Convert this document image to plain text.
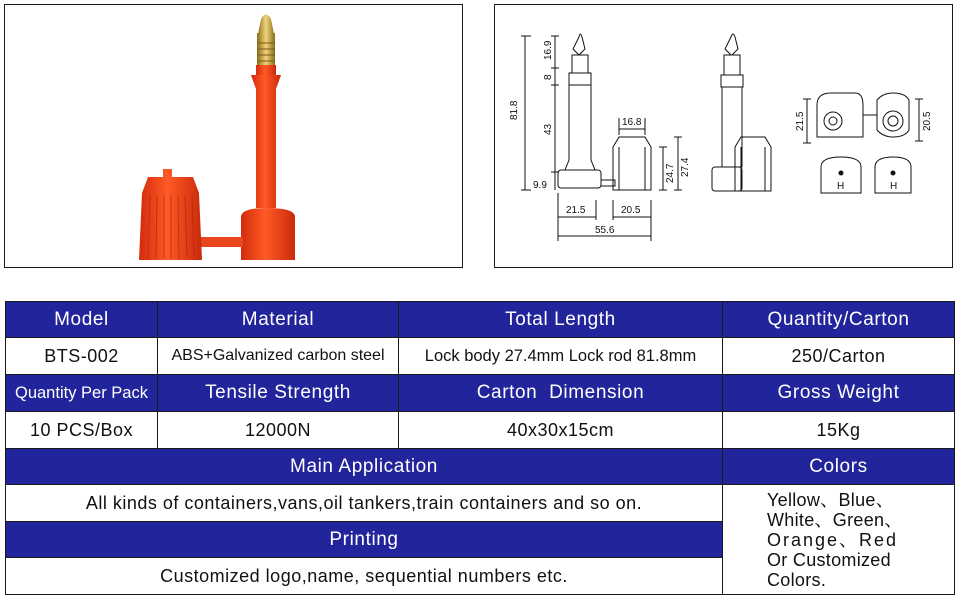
81.8
16.9
8
43
9.9
21.5	20.5
55.6
16.8
24.7 27.4
21.5	20.5
H	H
Model	Material	Total Length	Quantity/Carton
BTS-002	ABS+Galvanized carbon steel	Lock body 27.4mm Lock rod 81.8mm	250/Carton
Quantity Per Pack	Tensile Strength	Carton  Dimension	Gross Weight
10 PCS/Box	12000N	40x30x15cm	15Kg
Main Application
All kinds of containers,vans,oil tankers,train containers and so on.
Printing
Customized logo,name, sequential numbers etc.
Colors
Yellow、Blue、
White、Green、
Orange、Red
Or Customized
Colors.
